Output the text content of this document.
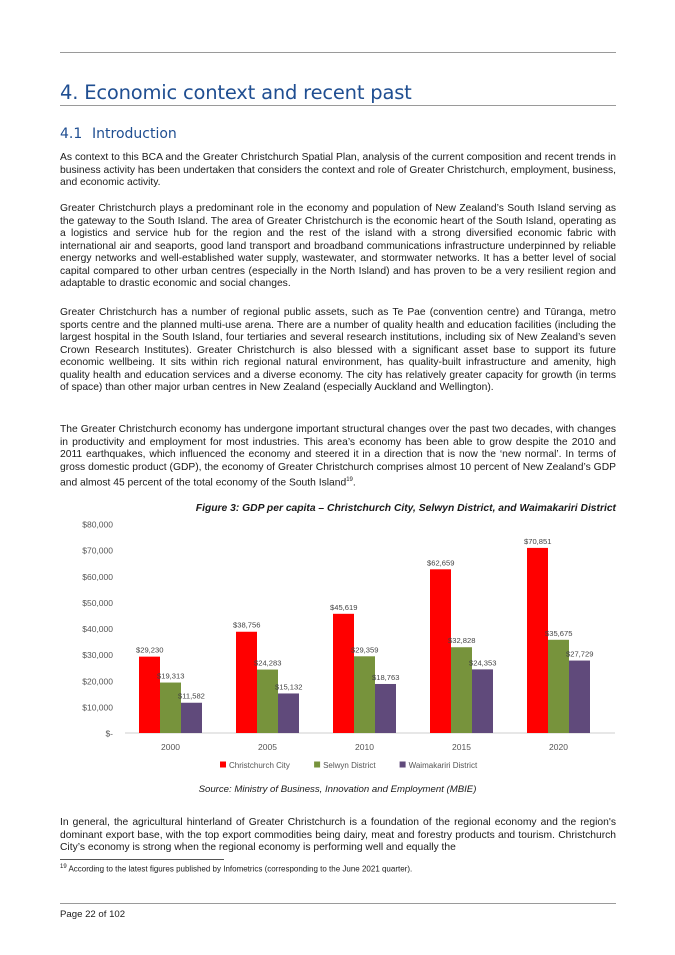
4. Economic context and recent past
4.1 Introduction

As context to this BCA and the Greater Christchurch Spatial Plan, analysis of the current composition and recent trends in business activity has been undertaken that considers the context and role of Greater Christchurch, employment, business, and economic activity.

Greater Christchurch plays a predominant role in the economy and population of New Zealand’s South Island serving as the gateway to the South Island. The area of Greater Christchurch is the economic heart of the South Island, operating as a logistics and service hub for the region and the rest of the island with a strong diversified economic fabric with international air and seaports, good land transport and broadband communications infrastructure underpinned by reliable energy networks and well-established water supply, wastewater, and stormwater networks. It has a better level of social capital compared to other urban centres (especially in the North Island) and has proven to be a very resilient region and adaptable to drastic economic and social changes.

Greater Christchurch has a number of regional public assets, such as Te Pae (convention centre) and Tūranga, metro sports centre and the planned multi-use arena. There are a number of quality health and education facilities (including the largest hospital in the South Island, four tertiaries and several research institutions, including six of New Zealand’s seven Crown Research Institutes). Greater Christchurch is also blessed with a significant asset base to support its future economic wellbeing. It sits within rich regional natural environment, has quality-built infrastructure and amenity, high quality health and education services and a diverse economy. The city has relatively greater capacity for growth (in terms of space) than other major urban centres in New Zealand (especially Auckland and Wellington).

The Greater Christchurch economy has undergone important structural changes over the past two decades, with changes in productivity and employment for most industries. This area’s economy has been able to grow despite the 2010 and 2011 earthquakes, which influenced the economy and steered it in a direction that is now the ‘new normal’. In terms of gross domestic product (GDP), the economy of Greater Christchurch comprises almost 10 percent of New Zealand’s GDP and almost 45 percent of the total economy of the South Island$^{19}$.

Figure 3: GDP per capita – Christchurch City, Selwyn District, and Waimakariri District

$-
$10,000
$20,000
$30,000
$40,000
$50,000
$60,000
$70,000
$80,000
$29,230
$19,313
$11,582
2000
$38,756
$24,283
$15,132
2005
$45,619
$29,359
$18,763
2010
$62,659
$32,828
$24,353
2015
$70,851
$35,675
$27,729
2020
Christchurch City	Selwyn District	Waimakariri District

Source: Ministry of Business, Innovation and Employment (MBIE)

In general, the agricultural hinterland of Greater Christchurch is a foundation of the regional economy and the region's dominant export base, with the top export commodities being dairy, meat and forestry products and tourism. Christchurch City’s economy is strong when the regional economy is performing well and equally the

$^{19}$ According to the latest figures published by Infometrics (corresponding to the June 2021 quarter).

Page 22 of 102
